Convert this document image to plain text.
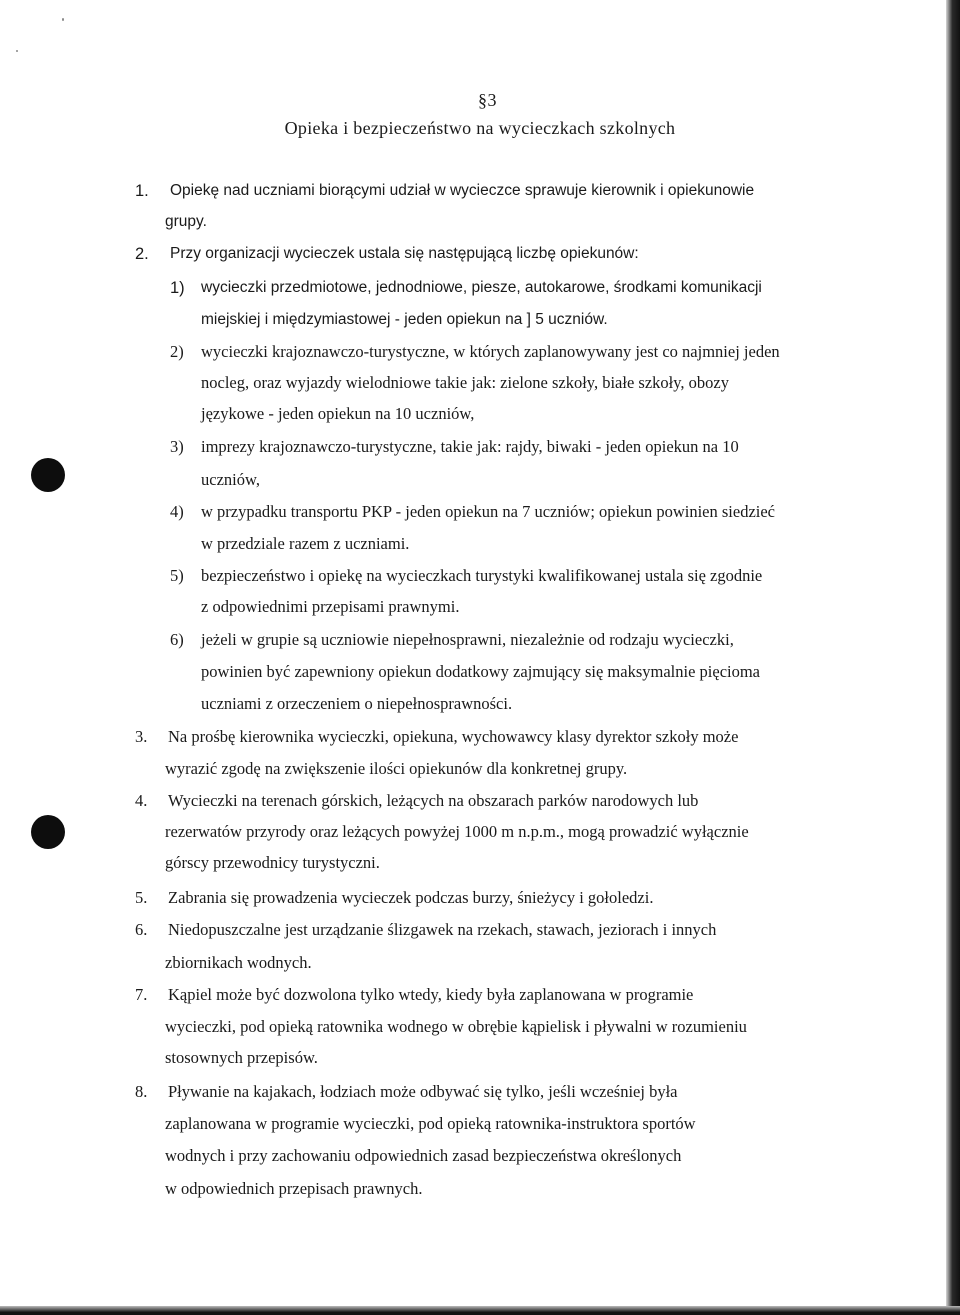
§3
Opieka i bezpieczeństwo na wycieczkach szkolnych
1. Opiekę nad uczniami biorącymi udział w wycieczce sprawuje kierownik i opiekunowie
grupy.
2. Przy organizacji wycieczek ustala się następującą liczbę opiekunów:
1) wycieczki przedmiotowe, jednodniowe, piesze, autokarowe, środkami komunikacji
miejskiej i międzymiastowej - jeden opiekun na ] 5 uczniów.
2) wycieczki krajoznawczo-turystyczne, w których zaplanowywany jest co najmniej jeden
nocleg, oraz wyjazdy wielodniowe takie jak: zielone szkoły, białe szkoły, obozy
językowe - jeden opiekun na 10 uczniów,
3) imprezy krajoznawczo-turystyczne, takie jak: rajdy, biwaki - jeden opiekun na 10
uczniów,
4) w przypadku transportu PKP - jeden opiekun na 7 uczniów; opiekun powinien siedzieć
w przedziale razem z uczniami.
5) bezpieczeństwo i opiekę na wycieczkach turystyki kwalifikowanej ustala się zgodnie
z odpowiednimi przepisami prawnymi.
6) jeżeli w grupie są uczniowie niepełnosprawni, niezależnie od rodzaju wycieczki,
powinien być zapewniony opiekun dodatkowy zajmujący się maksymalnie pięcioma
uczniami z orzeczeniem o niepełnosprawności.
3. Na prośbę kierownika wycieczki, opiekuna, wychowawcy klasy dyrektor szkoły może
wyrazić zgodę na zwiększenie ilości opiekunów dla konkretnej grupy.
4. Wycieczki na terenach górskich, leżących na obszarach parków narodowych lub
rezerwatów przyrody oraz leżących powyżej 1000 m n.p.m., mogą prowadzić wyłącznie
górscy przewodnicy turystyczni.
5. Zabrania się prowadzenia wycieczek podczas burzy, śnieżycy i gołoledzi.
6. Niedopuszczalne jest urządzanie ślizgawek na rzekach, stawach, jeziorach i innych
zbiornikach wodnych.
7. Kąpiel może być dozwolona tylko wtedy, kiedy była zaplanowana w programie
wycieczki, pod opieką ratownika wodnego w obrębie kąpielisk i pływalni w rozumieniu
stosownych przepisów.
8. Pływanie na kajakach, łodziach może odbywać się tylko, jeśli wcześniej była
zaplanowana w programie wycieczki, pod opieką ratownika-instruktora sportów
wodnych i przy zachowaniu odpowiednich zasad bezpieczeństwa określonych
w odpowiednich przepisach prawnych.
